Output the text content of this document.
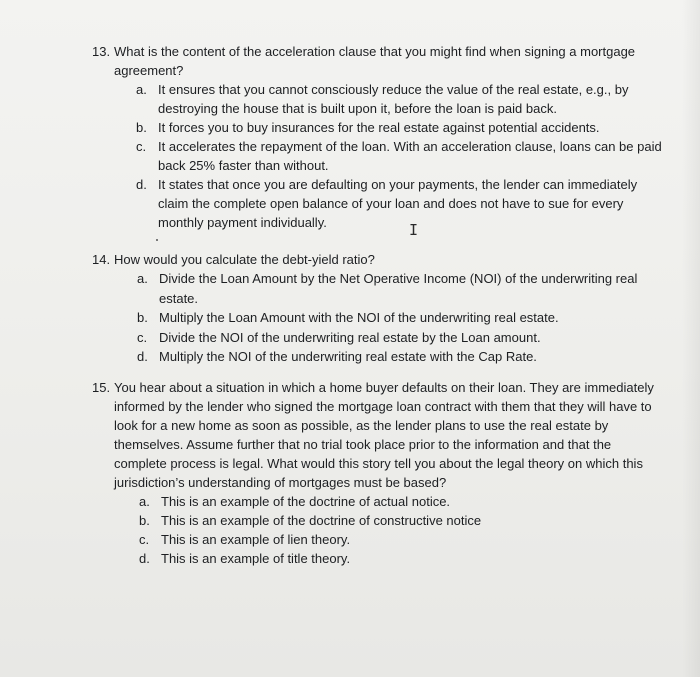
13. What is the content of the acceleration clause that you might find when signing a mortgage agreement?
a. It ensures that you cannot consciously reduce the value of the real estate, e.g., by destroying the house that is built upon it, before the loan is paid back.
b. It forces you to buy insurances for the real estate against potential accidents.
c. It accelerates the repayment of the loan. With an acceleration clause, loans can be paid back 25% faster than without.
d. It states that once you are defaulting on your payments, the lender can immediately claim the complete open balance of your loan and does not have to sue for every monthly payment individually.	I
14. How would you calculate the debt-yield ratio?
a. Divide the Loan Amount by the Net Operative Income (NOI) of the underwriting real estate.
b. Multiply the Loan Amount with the NOI of the underwriting real estate.
c. Divide the NOI of the underwriting real estate by the Loan amount.
d. Multiply the NOI of the underwriting real estate with the Cap Rate.
15. You hear about a situation in which a home buyer defaults on their loan. They are immediately informed by the lender who signed the mortgage loan contract with them that they will have to look for a new home as soon as possible, as the lender plans to use the real estate by themselves. Assume further that no trial took place prior to the information and that the complete process is legal. What would this story tell you about the legal theory on which this jurisdiction’s understanding of mortgages must be based?
a. This is an example of the doctrine of actual notice.
b. This is an example of the doctrine of constructive notice
c. This is an example of lien theory.
d. This is an example of title theory.
